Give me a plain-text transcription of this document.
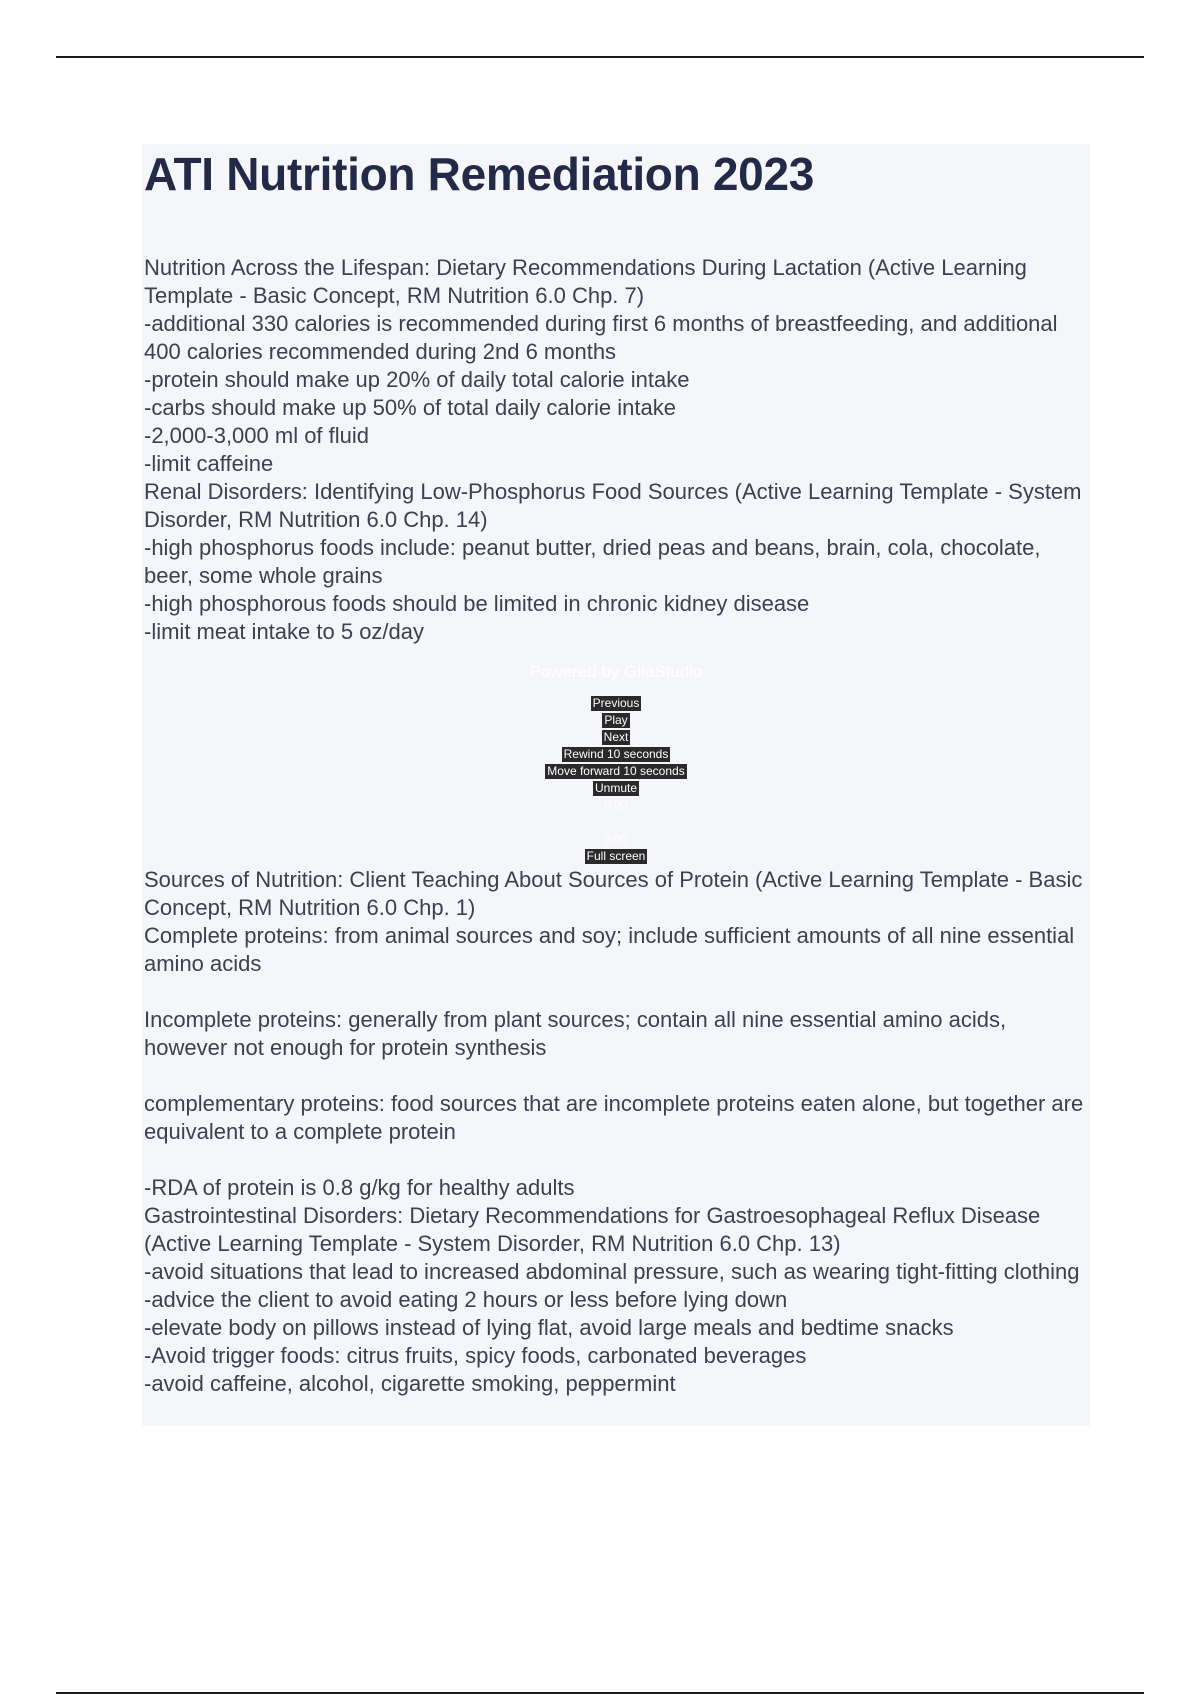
ATI Nutrition Remediation 2023

Nutrition Across the Lifespan: Dietary Recommendations During Lactation (Active Learning Template - Basic Concept, RM Nutrition 6.0 Chp. 7)

-additional 330 calories is recommended during first 6 months of breastfeeding, and additional 400 calories recommended during 2nd 6 months

-protein should make up 20% of daily total calorie intake

-carbs should make up 50% of total daily calorie intake

-2,000-3,000 ml of fluid

-limit caffeine

Renal Disorders: Identifying Low-Phosphorus Food Sources (Active Learning Template - System Disorder, RM Nutrition 6.0 Chp. 14)

-high phosphorus foods include: peanut butter, dried peas and beans, brain, cola, chocolate, beer, some whole grains

-high phosphorous foods should be limited in chronic kidney disease

-limit meat intake to 5 oz/day

Powered by GliaStudio
Previous
Play
Next
Rewind 10 seconds
Move forward 10 seconds
Unmute
0:00
0:00
Full screen

Sources of Nutrition: Client Teaching About Sources of Protein (Active Learning Template - Basic Concept, RM Nutrition 6.0 Chp. 1)

Complete proteins: from animal sources and soy; include sufficient amounts of all nine essential amino acids

Incomplete proteins: generally from plant sources; contain all nine essential amino acids, however not enough for protein synthesis

complementary proteins: food sources that are incomplete proteins eaten alone, but together are equivalent to a complete protein

-RDA of protein is 0.8 g/kg for healthy adults

Gastrointestinal Disorders: Dietary Recommendations for Gastroesophageal Reflux Disease (Active Learning Template - System Disorder, RM Nutrition 6.0 Chp. 13)

-avoid situations that lead to increased abdominal pressure, such as wearing tight-fitting clothing

-advice the client to avoid eating 2 hours or less before lying down

-elevate body on pillows instead of lying flat, avoid large meals and bedtime snacks

-Avoid trigger foods: citrus fruits, spicy foods, carbonated beverages

-avoid caffeine, alcohol, cigarette smoking, peppermint
